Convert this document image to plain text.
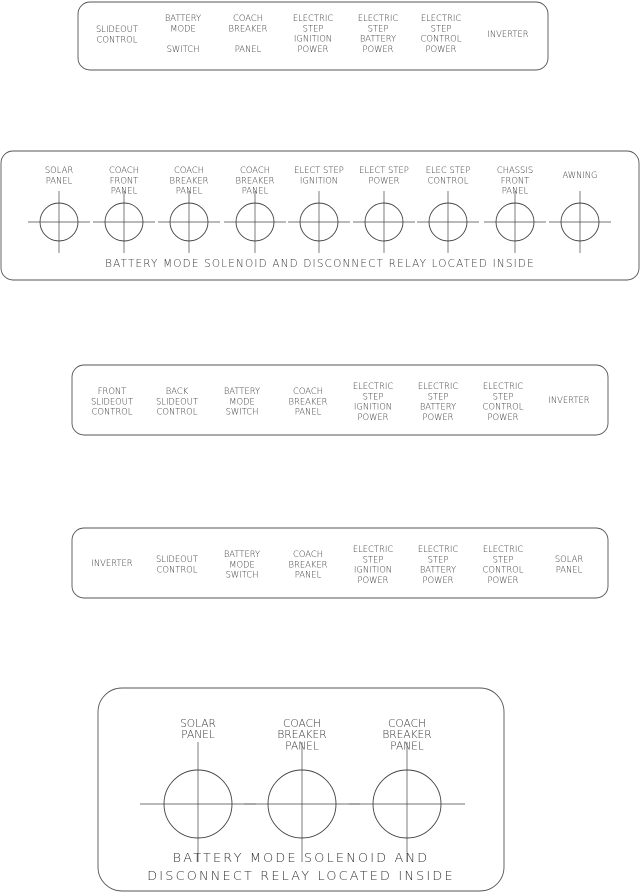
SLIDEOUT CONTROL
BATTERY MODE SWITCH
COACH BREAKER PANEL
ELECTRIC STEP IGNITION POWER
ELECTRIC STEP BATTERY POWER
ELECTRIC STEP CONTROL POWER
INVERTER
SOLAR PANEL
COACH FRONT PANEL
COACH BREAKER PANEL
COACH BREAKER PANEL
ELECT STEP IGNITION
ELECT STEP POWER
ELEC STEP CONTROL
CHASSIS FRONT PANEL
AWNING
BATTERY MODE SOLENOID AND DISCONNECT RELAY LOCATED INSIDE
FRONT SLIDEOUT CONTROL
BACK SLIDEOUT CONTROL
BATTERY MODE SWITCH
COACH BREAKER PANEL
ELECTRIC STEP IGNITION POWER
ELECTRIC STEP BATTERY POWER
ELECTRIC STEP CONTROL POWER
INVERTER
INVERTER	SLIDEOUT CONTROL
BATTERY MODE SWITCH
COACH BREAKER PANEL
ELECTRIC STEP IGNITION POWER
ELECTRIC STEP BATTERY POWER
ELECTRIC STEP CONTROL POWER
SOLAR PANEL
SOLAR PANEL
COACH BREAKER PANEL
COACH BREAKER PANEL
BATTERY MODE SOLENOID AND
DISCONNECT RELAY LOCATED INSIDE
